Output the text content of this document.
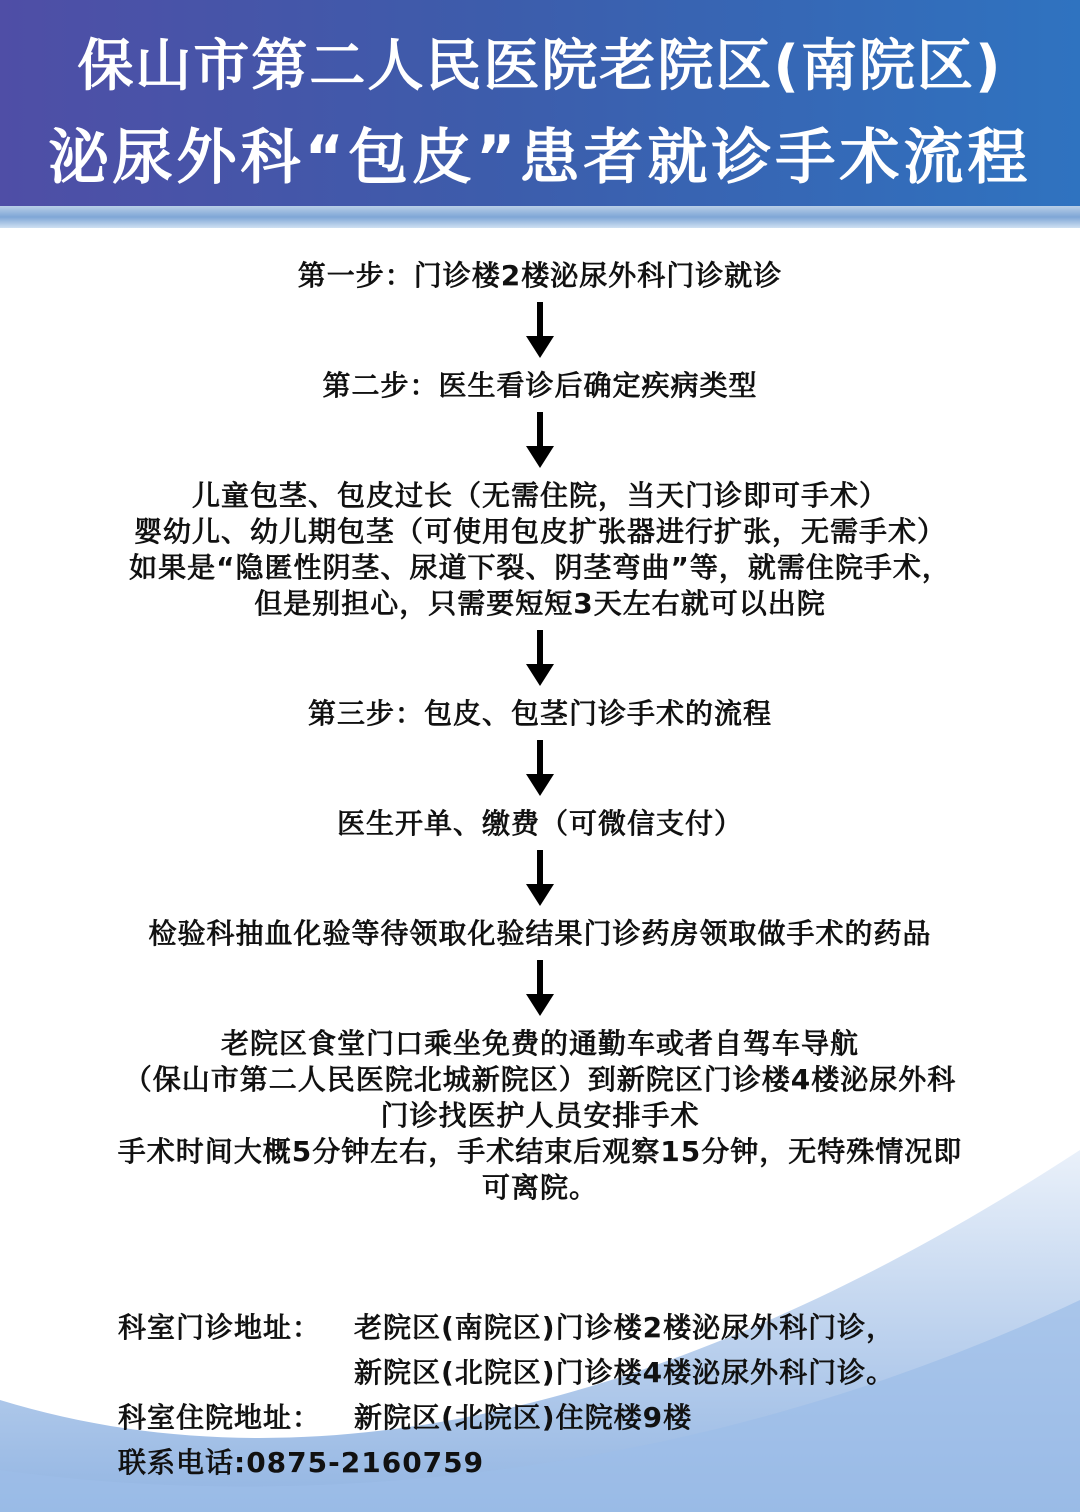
保山市第二人民医院老院区(南院区)
泌尿外科“包皮”患者就诊手术流程
第一步：门诊楼2楼泌尿外科门诊就诊
第二步：医生看诊后确定疾病类型
儿童包茎、包皮过长（无需住院，当天门诊即可手术）
婴幼儿、幼儿期包茎（可使用包皮扩张器进行扩张，无需手术）
如果是“隐匿性阴茎、尿道下裂、阴茎弯曲”等，就需住院手术，
但是别担心，只需要短短3天左右就可以出院
第三步：包皮、包茎门诊手术的流程
医生开单、缴费（可微信支付）
检验科抽血化验等待领取化验结果门诊药房领取做手术的药品
老院区食堂门口乘坐免费的通勤车或者自驾车导航
（保山市第二人民医院北城新院区）到新院区门诊楼4楼泌尿外科
门诊找医护人员安排手术
手术时间大概5分钟左右，手术结束后观察15分钟，无特殊情况即
可离院。
科室门诊地址： 老院区(南院区)门诊楼2楼泌尿外科门诊，
新院区(北院区)门诊楼4楼泌尿外科门诊。
科室住院地址： 新院区(北院区)住院楼9楼
联系电话:0875-2160759
